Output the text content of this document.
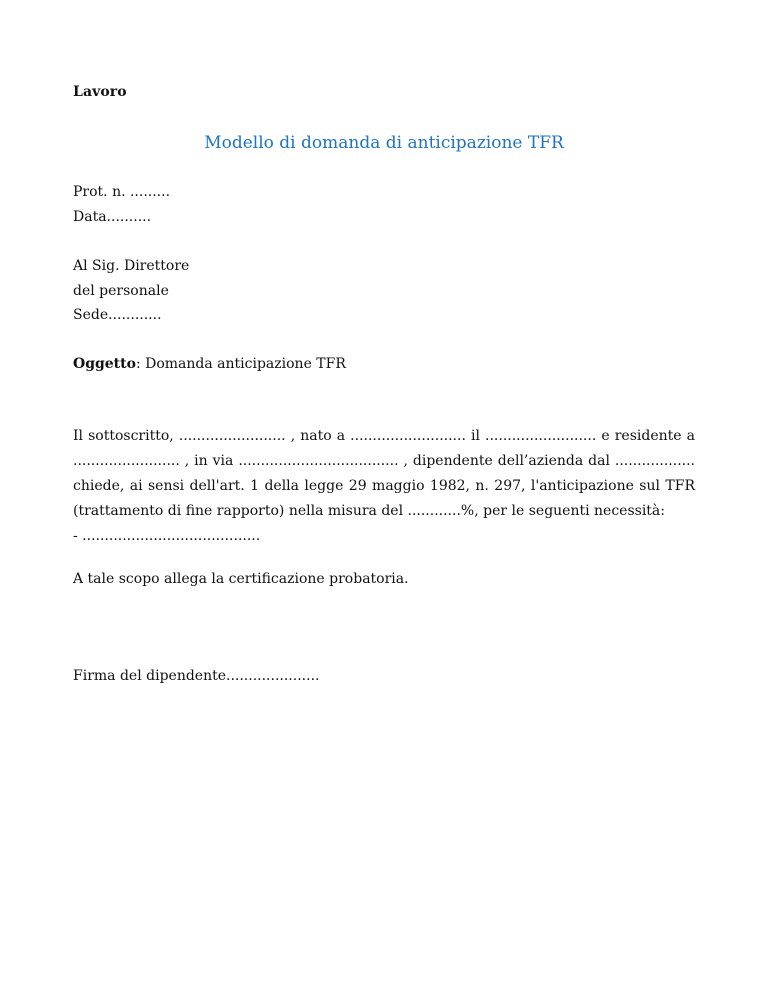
Lavoro
Modello di domanda di anticipazione TFR
Prot. n. .........
Data..........
Al Sig. Direttore
del personale
Sede............
Oggetto: Domanda anticipazione TFR
Il sottoscritto, ........................ , nato a .......................... il ......................... e residente a
........................ , in via .................................... , dipendente dell’azienda dal ..................
chiede, ai sensi dell'art. 1 della legge 29 maggio 1982, n. 297, l'anticipazione sul TFR
(trattamento di fine rapporto) nella misura del ............%, per le seguenti necessità:
- ........................................
A tale scopo allega la certificazione probatoria.
Firma del dipendente.....................
